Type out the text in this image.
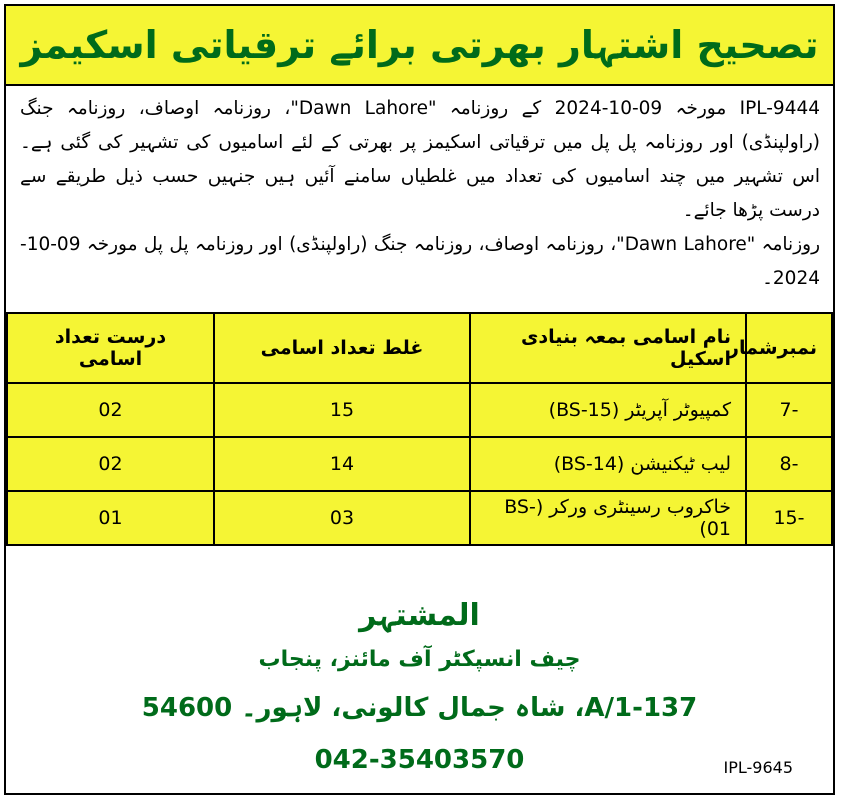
تصحیح اشتہار بھرتی برائے ترقیاتی اسکیمز

IPL-9444 مورخہ 09-10-2024 کے روزنامہ "Dawn Lahore"، روزنامہ اوصاف، روزنامہ جنگ (راولپنڈی) اور روزنامہ پل پل میں ترقیاتی اسکیمز پر بھرتی کے لئے اسامیوں کی تشہیر کی گئی ہے۔ اس تشہیر میں چند اسامیوں کی تعداد میں غلطیاں سامنے آئیں ہیں جنہیں حسب ذیل طریقے سے درست پڑھا جائے۔

روزنامہ "Dawn Lahore"، روزنامہ اوصاف، روزنامہ جنگ (راولپنڈی) اور روزنامہ پل پل مورخہ 09-10-2024۔

نمبرشمار	نام اسامی بمعہ بنیادی اسکیل	غلط تعداد اسامی	درست تعداد اسامی
7-	کمپیوٹر آپریٹر (BS-15)	15	02
8-	لیب ٹیکنیشن (BS-14)	14	02
15-	خاکروب رسینٹری ورکر (BS-01)	03	01

المشتہر

چیف انسپکٹر آف مائنز، پنجاب

137-A/1، شاہ جمال کالونی، لاہور۔ 54600

042-35403570	IPL-9645
